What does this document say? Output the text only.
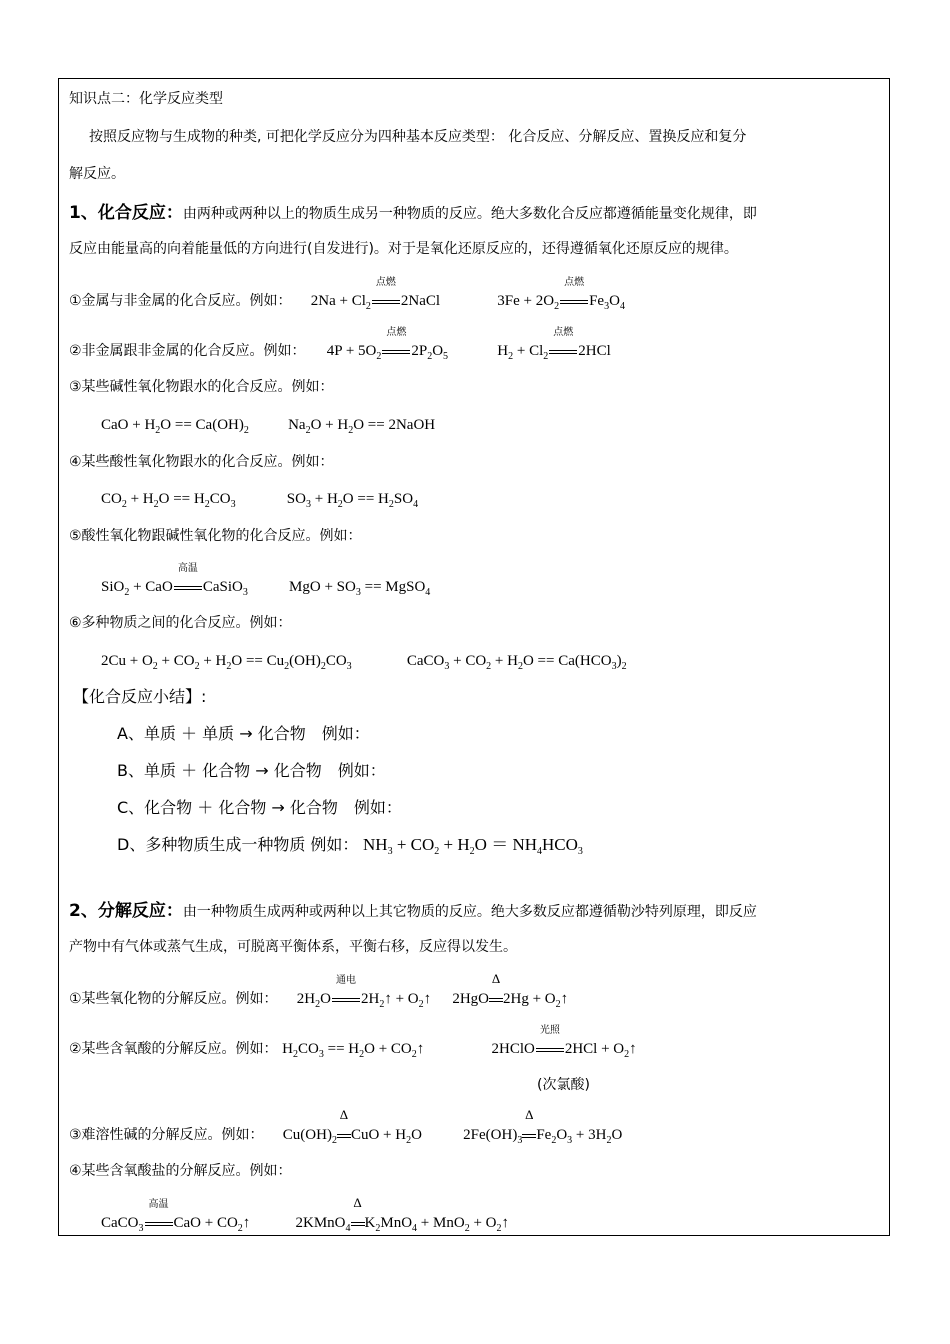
知识点二：化学反应类型
按照反应物与生成物的种类, 可把化学反应分为四种基本反应类型： 化合反应、分解反应、置换反应和复分
解反应。
1、化合反应：由两种或两种以上的物质生成另一种物质的反应。绝大多数化合反应都遵循能量变化规律，即
反应由能量高的向着能量低的方向进行(自发进行)。对于是氧化还原反应的，还得遵循氧化还原反应的规律。
①金属与非金属的化合反应。例如： $2Na + Cl_2$
点燃
2NaCl	$3Fe + 2O_2$
点燃
$Fe_3O_4$
②非金属跟非金属的化合反应。例如： $4P + 5O_2$
点燃
$2P_2O_5$	$H_2 + Cl_2$
点燃
2HCl
③某些碱性氧化物跟水的化合反应。例如：
CaO + $H_2O == Ca(OH)_2$	$Na_2O + H_2O$ == 2NaOH
④某些酸性氧化物跟水的化合反应。例如：
$CO_2 + H_2O == H_2CO_3$	$SO_3 + H_2O == H_2SO_4$
⑤酸性氧化物跟碱性氧化物的化合反应。例如：
SiO$_2$ + CaO
高温
CaSiO$_3$	MgO + $SO_3$ == MgSO$_4$
⑥多种物质之间的化合反应。例如：
$2Cu + O_2 + CO_2 + H_2O == Cu_2(OH)_2CO_3$	CaCO$_3$ + $CO_2 + H_2O == Ca(HCO_3)_2$
【化合反应小结】:
A、单质 ＋ 单质 → 化合物　例如：
B、单质 ＋ 化合物 → 化合物　例如：
C、化合物 ＋ 化合物 → 化合物　例如：
D、多种物质生成一种物质 例如： $NH_3 + CO_2 + H_2O = NH_4HCO_3$
2、分解反应：由一种物质生成两种或两种以上其它物质的反应。绝大多数反应都遵循勒沙特列原理，即反应
产物中有气体或蒸气生成，可脱离平衡体系，平衡右移，反应得以发生。
①某些氧化物的分解反应。例如： $2H_2O$
通电
$2H_2↑$ + $O_2↑$ 2HgO
Δ
$2Hg + O_2↑$
②某些含氧酸的分解反应。例如： $H_2CO_3 == H_2O$ + $CO_2↑$	2HClO
光照
$2HCl + O_2↑$
(次氯酸)
③难溶性碱的分解反应。例如： $Cu(OH)_2$
Δ
CuO + $H_2O$	$2Fe(OH)_3$
Δ
$Fe_2O_3 + 3H_2O$
④某些含氧酸盐的分解反应。例如：
CaCO$_3$
高温
CaO + $CO_2↑$	2KMnO$_4$
Δ
$K_2MnO_4 + MnO_2$ + $O_2↑$
